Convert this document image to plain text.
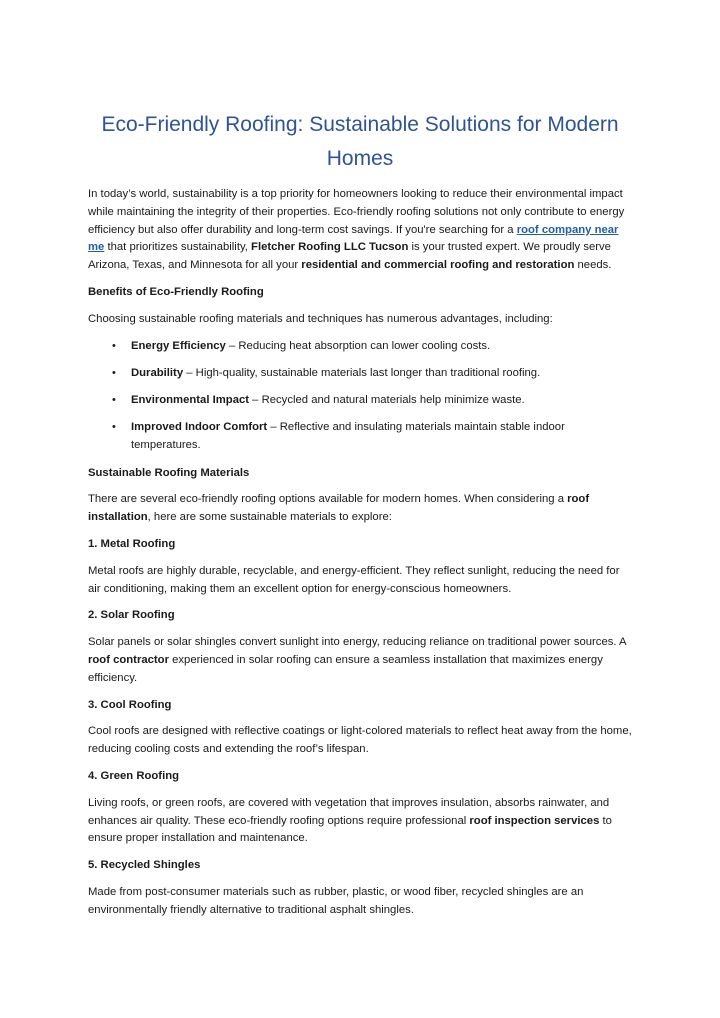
Eco-Friendly Roofing: Sustainable Solutions for Modern Homes

In today’s world, sustainability is a top priority for homeowners looking to reduce their environmental impact while maintaining the integrity of their properties. Eco-friendly roofing solutions not only contribute to energy efficiency but also offer durability and long-term cost savings. If you're searching for a roof company near me that prioritizes sustainability, Fletcher Roofing LLC Tucson is your trusted expert. We proudly serve Arizona, Texas, and Minnesota for all your residential and commercial roofing and restoration needs.

Benefits of Eco-Friendly Roofing

Choosing sustainable roofing materials and techniques has numerous advantages, including:

• Energy Efficiency – Reducing heat absorption can lower cooling costs.
• Durability – High-quality, sustainable materials last longer than traditional roofing.
• Environmental Impact – Recycled and natural materials help minimize waste.
• Improved Indoor Comfort – Reflective and insulating materials maintain stable indoor temperatures.

Sustainable Roofing Materials

There are several eco-friendly roofing options available for modern homes. When considering a roof installation, here are some sustainable materials to explore:

1. Metal Roofing

Metal roofs are highly durable, recyclable, and energy-efficient. They reflect sunlight, reducing the need for air conditioning, making them an excellent option for energy-conscious homeowners.

2. Solar Roofing

Solar panels or solar shingles convert sunlight into energy, reducing reliance on traditional power sources. A roof contractor experienced in solar roofing can ensure a seamless installation that maximizes energy efficiency.

3. Cool Roofing

Cool roofs are designed with reflective coatings or light-colored materials to reflect heat away from the home, reducing cooling costs and extending the roof’s lifespan.

4. Green Roofing

Living roofs, or green roofs, are covered with vegetation that improves insulation, absorbs rainwater, and enhances air quality. These eco-friendly roofing options require professional roof inspection services to ensure proper installation and maintenance.

5. Recycled Shingles

Made from post-consumer materials such as rubber, plastic, or wood fiber, recycled shingles are an environmentally friendly alternative to traditional asphalt shingles.
